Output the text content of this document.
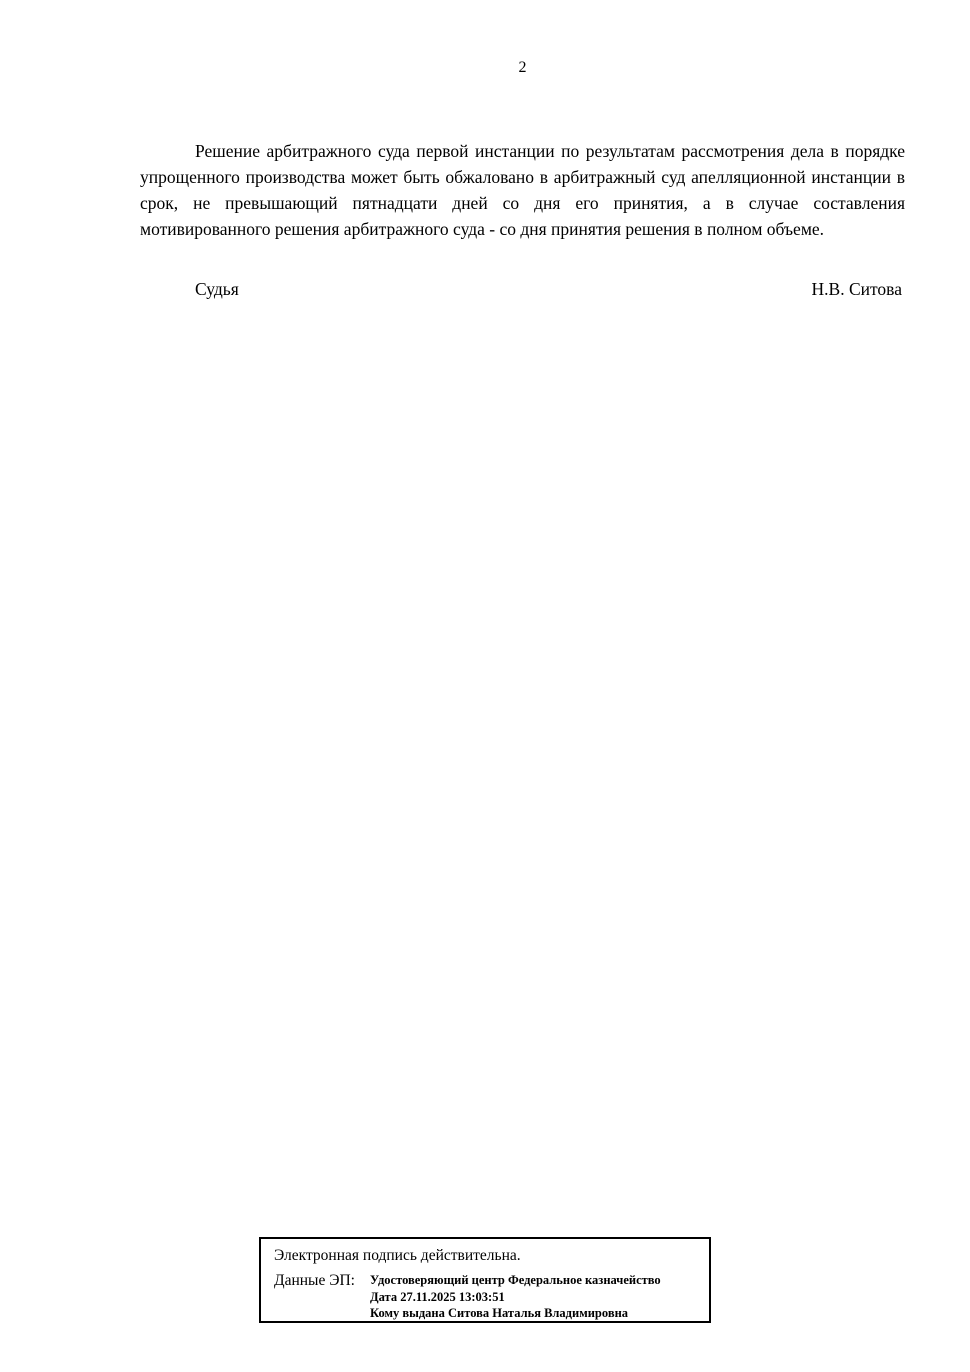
2

Решение арбитражного суда первой инстанции по результатам рассмотрения дела в порядке упрощенного производства может быть обжаловано в арбитражный суд апелляционной инстанции в срок, не превышающий пятнадцати дней со дня его принятия, а в случае составления мотивированного решения арбитражного суда - со дня принятия решения в полном объеме.

Судья	Н.В. Ситова
Электронная подпись действительна.
Данные ЭП:	Удостоверяющий центр Федеральное казначейство
Дата 27.11.2025 13:03:51
Кому выдана Ситова Наталья Владимировна
